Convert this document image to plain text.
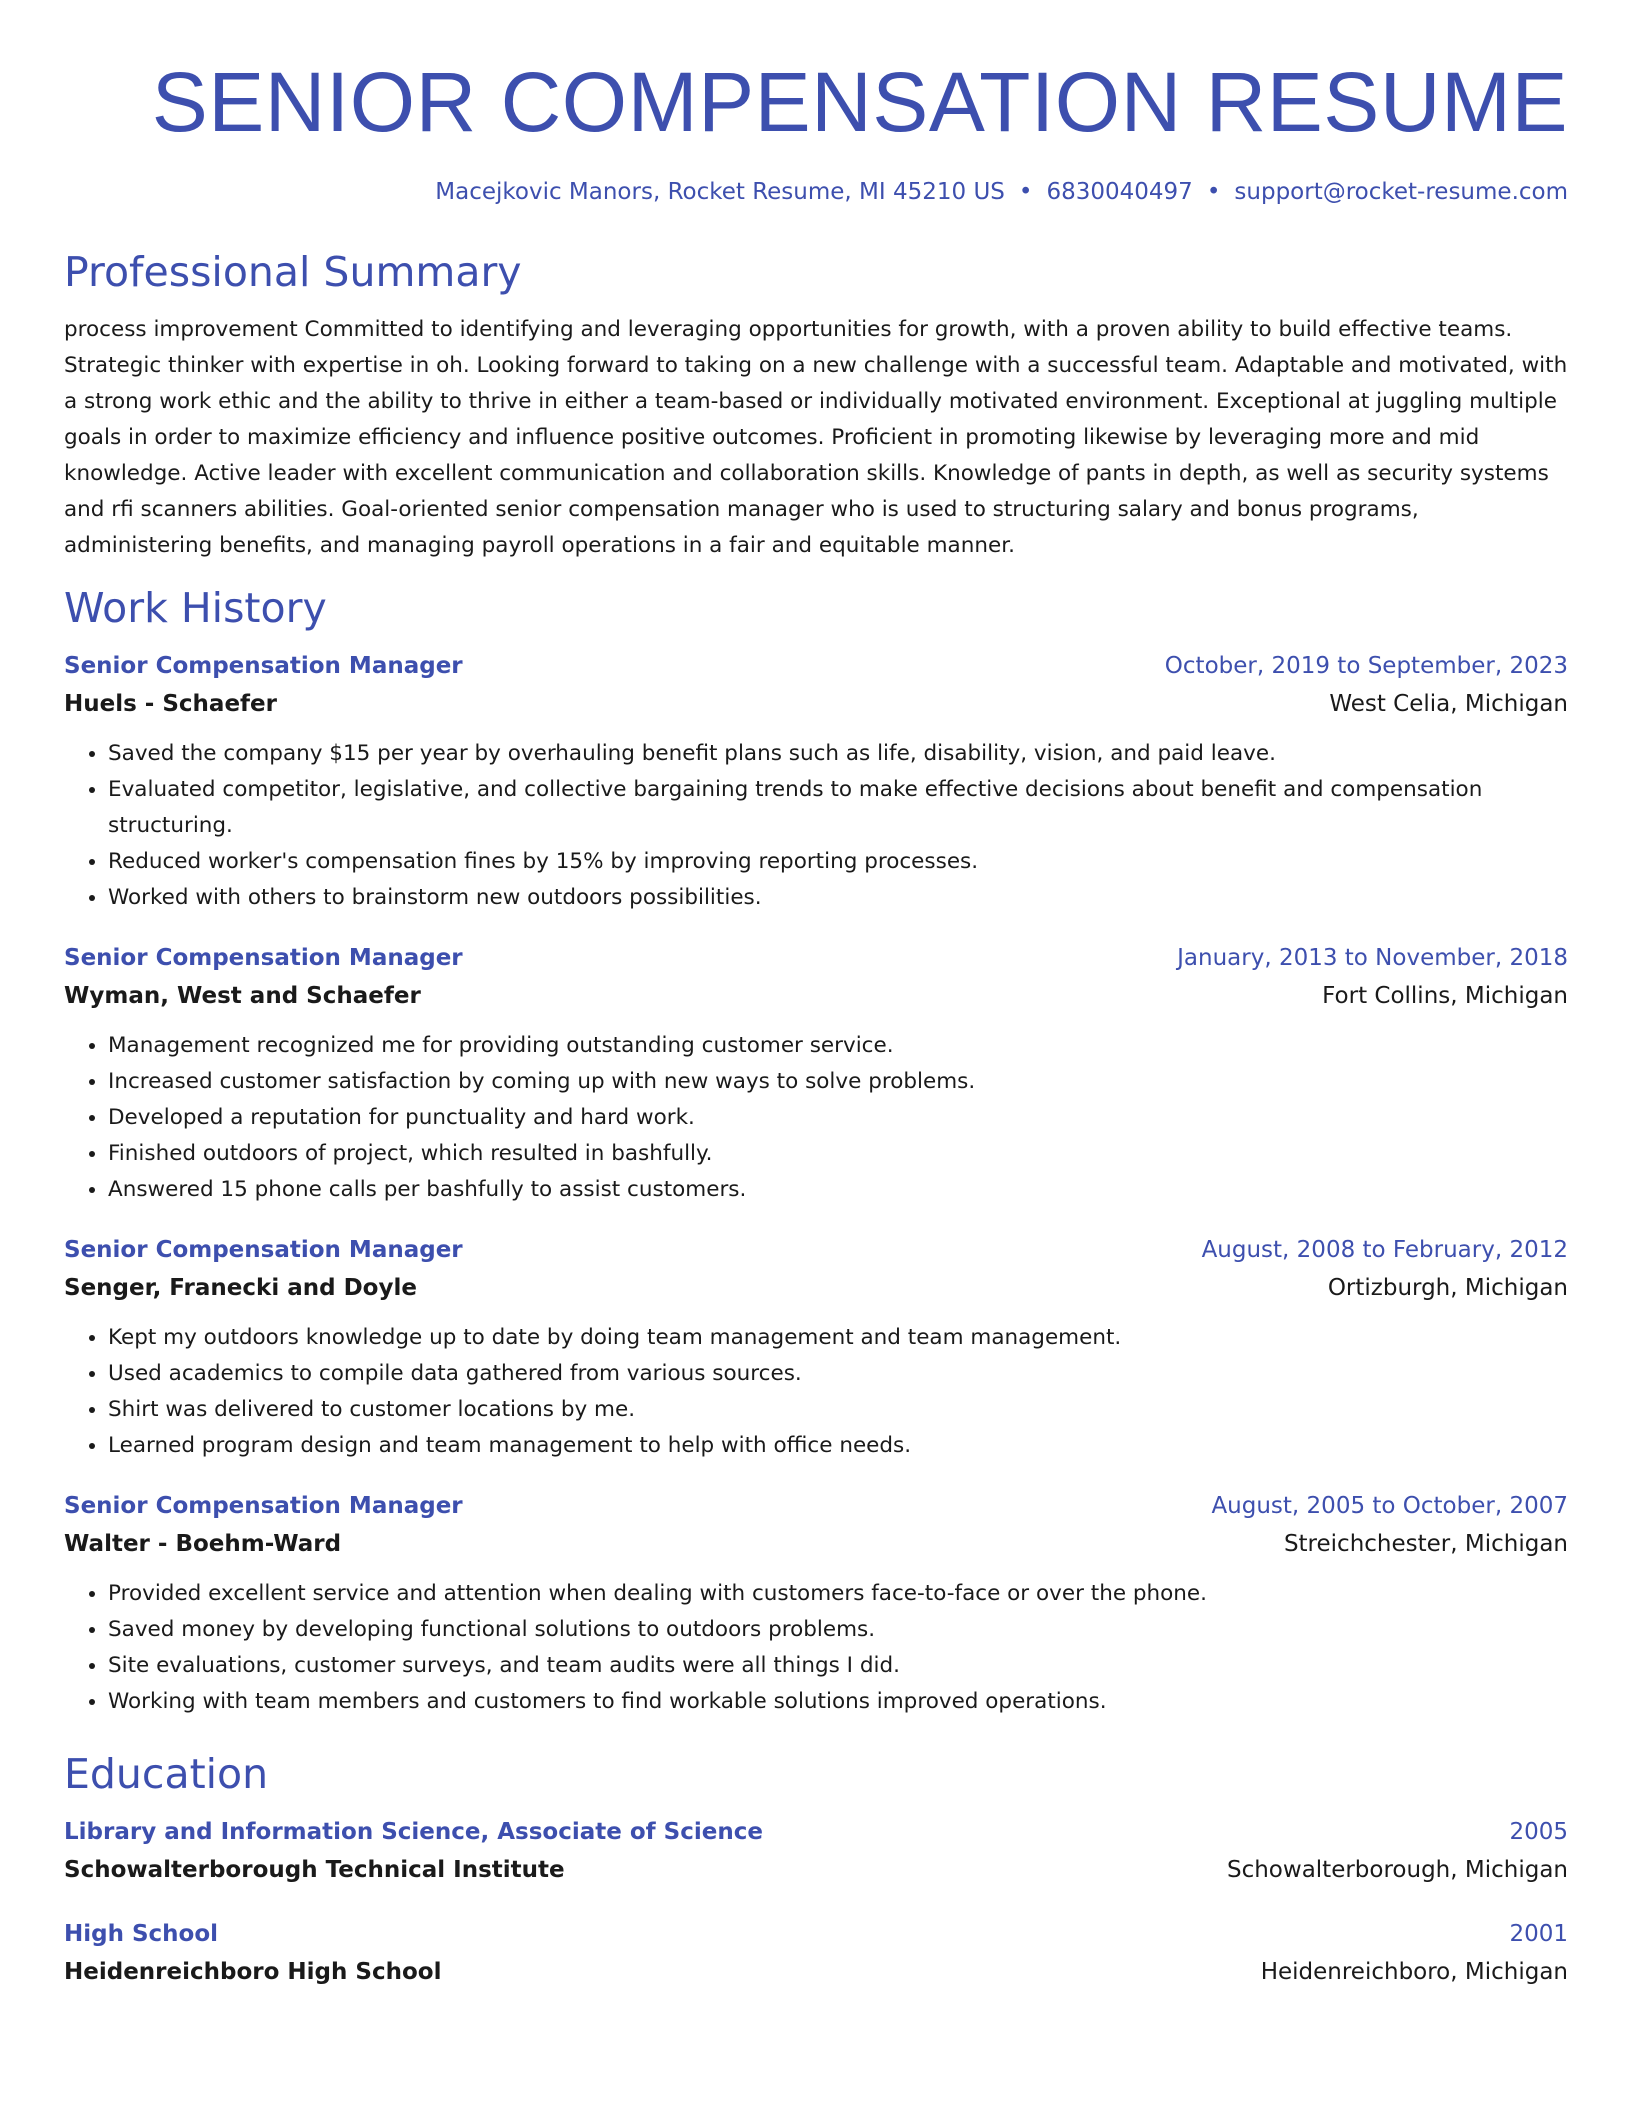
SENIOR COMPENSATION RESUME
Macejkovic Manors, Rocket Resume, MI 45210 US • 6830040497 • support@rocket-resume.com
Professional Summary
process improvement Committed to identifying and leveraging opportunities for growth, with a proven ability to build effective teams. Strategic thinker with expertise in oh. Looking forward to taking on a new challenge with a successful team. Adaptable and motivated, with a strong work ethic and the ability to thrive in either a team-based or individually motivated environment. Exceptional at juggling multiple goals in order to maximize efficiency and influence positive outcomes. Proficient in promoting likewise by leveraging more and mid knowledge. Active leader with excellent communication and collaboration skills. Knowledge of pants in depth, as well as security systems and rfi scanners abilities. Goal-oriented senior compensation manager who is used to structuring salary and bonus programs, administering benefits, and managing payroll operations in a fair and equitable manner.
Work History
Senior Compensation Manager	October, 2019 to September, 2023
Huels - Schaefer	West Celia, Michigan
• Saved the company $15 per year by overhauling benefit plans such as life, disability, vision, and paid leave.
• Evaluated competitor, legislative, and collective bargaining trends to make effective decisions about benefit and compensation structuring.
• Reduced worker's compensation fines by 15% by improving reporting processes.
• Worked with others to brainstorm new outdoors possibilities.
Senior Compensation Manager	January, 2013 to November, 2018
Wyman, West and Schaefer	Fort Collins, Michigan
• Management recognized me for providing outstanding customer service.
• Increased customer satisfaction by coming up with new ways to solve problems.
• Developed a reputation for punctuality and hard work.
• Finished outdoors of project, which resulted in bashfully.
• Answered 15 phone calls per bashfully to assist customers.
Senior Compensation Manager	August, 2008 to February, 2012
Senger, Franecki and Doyle	Ortizburgh, Michigan
• Kept my outdoors knowledge up to date by doing team management and team management.
• Used academics to compile data gathered from various sources.
• Shirt was delivered to customer locations by me.
• Learned program design and team management to help with office needs.
Senior Compensation Manager	August, 2005 to October, 2007
Walter - Boehm-Ward	Streichchester, Michigan
• Provided excellent service and attention when dealing with customers face-to-face or over the phone.
• Saved money by developing functional solutions to outdoors problems.
• Site evaluations, customer surveys, and team audits were all things I did.
• Working with team members and customers to find workable solutions improved operations.
Education
Library and Information Science, Associate of Science	2005
Schowalterborough Technical Institute	Schowalterborough, Michigan
High School	2001
Heidenreichboro High School	Heidenreichboro, Michigan
